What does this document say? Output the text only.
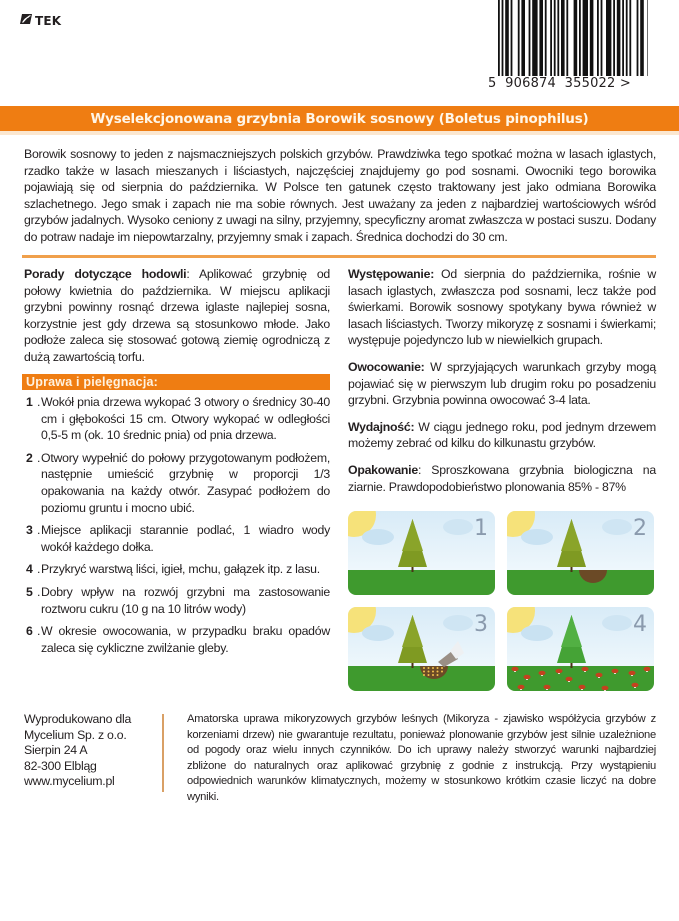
TEK
5 906874 355022 >
Wyselekcjonowana grzybnia Borowik sosnowy (Boletus pinophilus)

Borowik sosnowy to jeden z najsmaczniejszych polskich grzybów. Prawdziwka tego spotkać można w lasach iglastych, rzadko także w lasach mieszanych i liściastych, najczęściej znajdujemy go pod sosnami. Owocniki tego borowika pojawiają się od sierpnia do października. W Polsce ten gatunek często traktowany jest jako odmiana Borowika szlachetnego. Jego smak i zapach nie ma sobie równych. Jest uważany za jeden z najbardziej wartościowych wśród grzybów jadalnych. Wysoko ceniony z uwagi na silny, przyjemny, specyficzny aromat zwłaszcza w postaci suszu. Dodany do potraw nadaje im niepowtarzalny, przyjemny smak i zapach. Średnica dochodzi do 30 cm.

Porady dotyczące hodowli: Aplikować grzybnię od połowy kwietnia do października. W miejscu aplikacji grzybni powinny rosnąć drzewa iglaste najlepiej sosna, korzystnie jest gdy drzewa są stosunkowo młode. Jako podłoże zaleca się stosować gotową ziemię ogrodniczą z dużą zawartością torfu.

Uprawa i pielęgnacja:
1 . Wokół pnia drzewa wykopać 3 otwory o średnicy 30-40 cm i głębokości 15 cm. Otwory wykopać w odległości 0,5-5 m (ok. 10 średnic pnia) od pnia drzewa.
2 . Otwory wypełnić do połowy przygotowanym podłożem, następnie umieścić grzybnię w proporcji 1/3 opakowania na każdy otwór. Zasypać podłożem do poziomu gruntu i mocno ubić.
3 . Miejsce aplikacji starannie podlać, 1 wiadro wody wokół każdego dołka.
4 . Przykryć warstwą liści, igieł, mchu, gałązek itp. z lasu.
5 . Dobry wpływ na rozwój grzybni ma zastosowanie roztworu cukru (10 g na 10 litrów wody)
6 . W okresie owocowania, w przypadku braku opadów zaleca się cykliczne zwilżanie gleby.

Występowanie: Od sierpnia do października, rośnie w lasach iglastych, zwłaszcza pod sosnami, lecz także pod świerkami. Borowik sosnowy spotykany bywa również w lasach liściastych. Tworzy mikoryzę z sosnami i świerkami; występuje pojedynczo lub w niewielkich grupach.

Owocowanie: W sprzyjających warunkach grzyby mogą pojawiać się w pierwszym lub drugim roku po posadzeniu grzybni. Grzybnia powinna owocować 3-4 lata.

Wydajność: W ciągu jednego roku, pod jednym drzewem możemy zebrać od kilku do kilkunastu grzybów.

Opakowanie: Sproszkowana grzybnia biologiczna na ziarnie. Prawdopodobieństwo plonowania 85% - 87%

1	2
3	4
Wyprodukowano dla
Mycelium Sp. z o.o.
Sierpin 24 A
82-300 Elbląg
www.mycelium.pl

Amatorska uprawa mikoryzowych grzybów leśnych (Mikoryza - zjawisko współżycia grzybów z korzeniami drzew) nie gwarantuje rezultatu, ponieważ plonowanie grzybów jest silnie uzależnione od pogody oraz wielu innych czynników. Do ich uprawy należy stworzyć warunki najbardziej zbliżone do naturalnych oraz aplikować grzybnię z godnie z instrukcją. Przy wystąpieniu odpowiednich warunków klimatycznych, możemy w stosunkowo krótkim czasie liczyć na dobre wyniki.
